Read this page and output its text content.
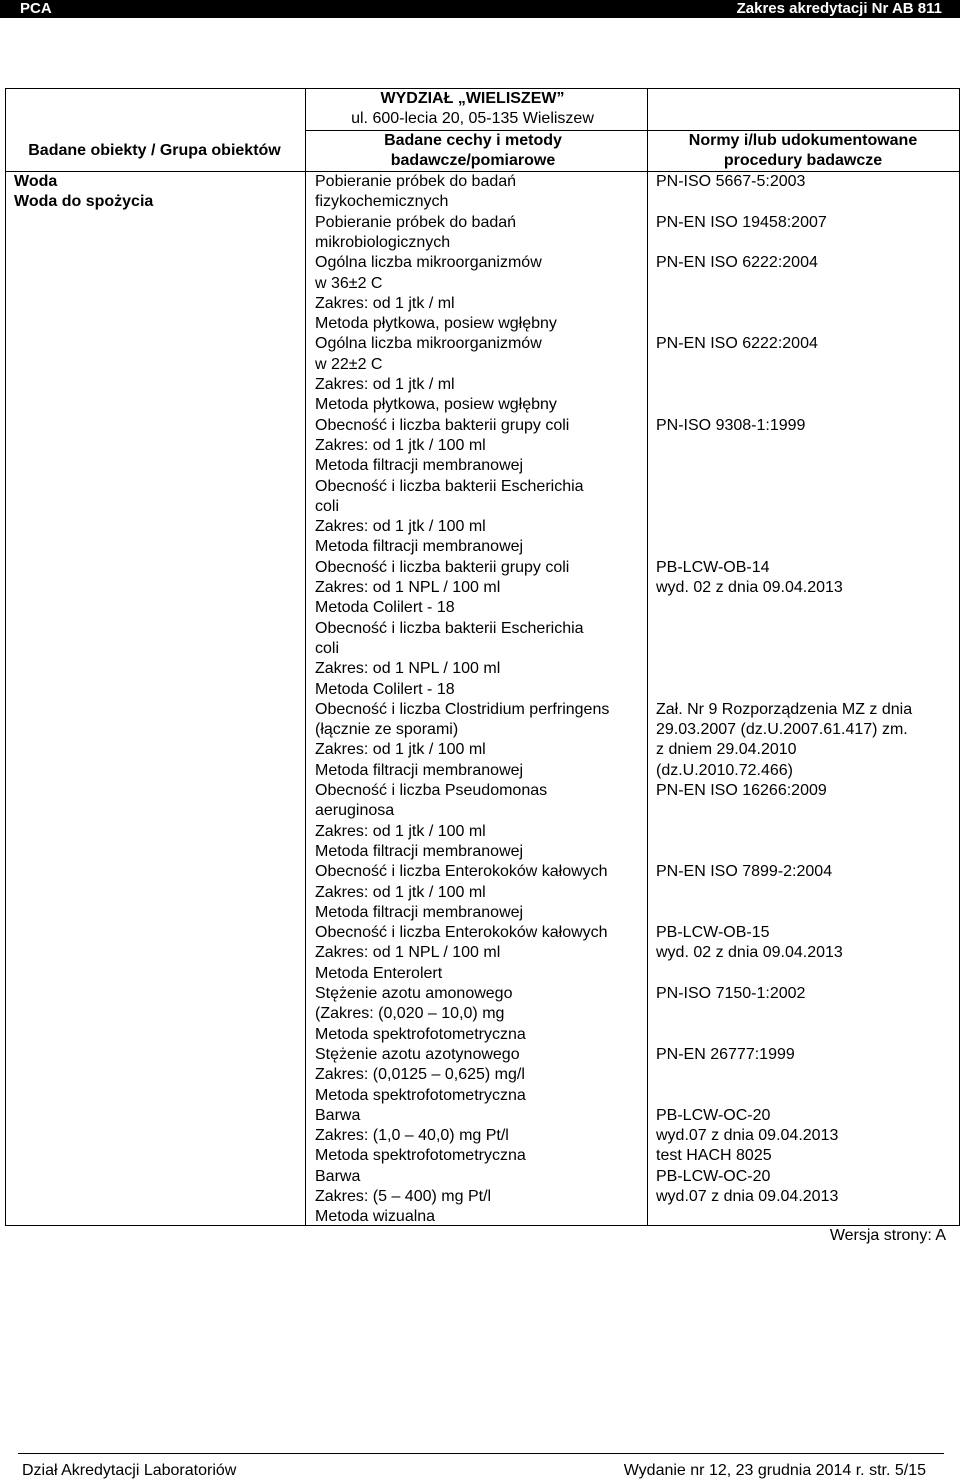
PCA	Zakres akredytacji Nr AB 811
WYDZIAŁ „WIELISZEW”
ul. 600-lecia 20, 05-135 Wieliszew
Badane obiekty / Grupa obiektów
Badane cechy i metody
badawcze/pomiarowe
Normy i/lub udokumentowane
procedury badawcze
Woda
Woda do spożycia
Pobieranie próbek do badań
fizykochemicznych
Pobieranie próbek do badań
mikrobiologicznych
Ogólna liczba mikroorganizmów
w 36±2 C
Zakres: od 1 jtk / ml
Metoda płytkowa, posiew wgłębny
Ogólna liczba mikroorganizmów
w 22±2 C
Zakres: od 1 jtk / ml
Metoda płytkowa, posiew wgłębny
Obecność i liczba bakterii grupy coli
Zakres: od 1 jtk / 100 ml
Metoda filtracji membranowej
Obecność i liczba bakterii Escherichia
coli
Zakres: od 1 jtk / 100 ml
Metoda filtracji membranowej
Obecność i liczba bakterii grupy coli
Zakres: od 1 NPL / 100 ml
Metoda Colilert - 18
Obecność i liczba bakterii Escherichia
coli
Zakres: od 1 NPL / 100 ml
Metoda Colilert - 18
Obecność i liczba Clostridium perfringens
(łącznie ze sporami)
Zakres: od 1 jtk / 100 ml
Metoda filtracji membranowej
Obecność i liczba Pseudomonas
aeruginosa
Zakres: od 1 jtk / 100 ml
Metoda filtracji membranowej
Obecność i liczba Enterokoków kałowych
Zakres: od 1 jtk / 100 ml
Metoda filtracji membranowej
Obecność i liczba Enterokoków kałowych
Zakres: od 1 NPL / 100 ml
Metoda Enterolert
Stężenie azotu amonowego
(Zakres: (0,020 – 10,0) mg
Metoda spektrofotometryczna
Stężenie azotu azotynowego
Zakres: (0,0125 – 0,625) mg/l
Metoda spektrofotometryczna
Barwa
Zakres: (1,0 – 40,0) mg Pt/l
Metoda spektrofotometryczna
Barwa
Zakres: (5 – 400) mg Pt/l
Metoda wizualna
PN-ISO 5667-5:2003
PN-EN ISO 19458:2007
PN-EN ISO 6222:2004
PN-EN ISO 6222:2004
PN-ISO 9308-1:1999
PB-LCW-OB-14
wyd. 02 z dnia 09.04.2013
Zał. Nr 9 Rozporządzenia MZ z dnia
29.03.2007 (dz.U.2007.61.417) zm.
z dniem 29.04.2010
(dz.U.2010.72.466)
PN-EN ISO 16266:2009
PN-EN ISO 7899-2:2004
PB-LCW-OB-15
wyd. 02 z dnia 09.04.2013
PN-ISO 7150-1:2002
PN-EN 26777:1999
PB-LCW-OC-20
wyd.07 z dnia 09.04.2013
test HACH 8025
PB-LCW-OC-20
wyd.07 z dnia 09.04.2013
Wersja strony: A
Dział Akredytacji Laboratoriów	Wydanie nr 12, 23 grudnia 2014 r. str. 5/15
